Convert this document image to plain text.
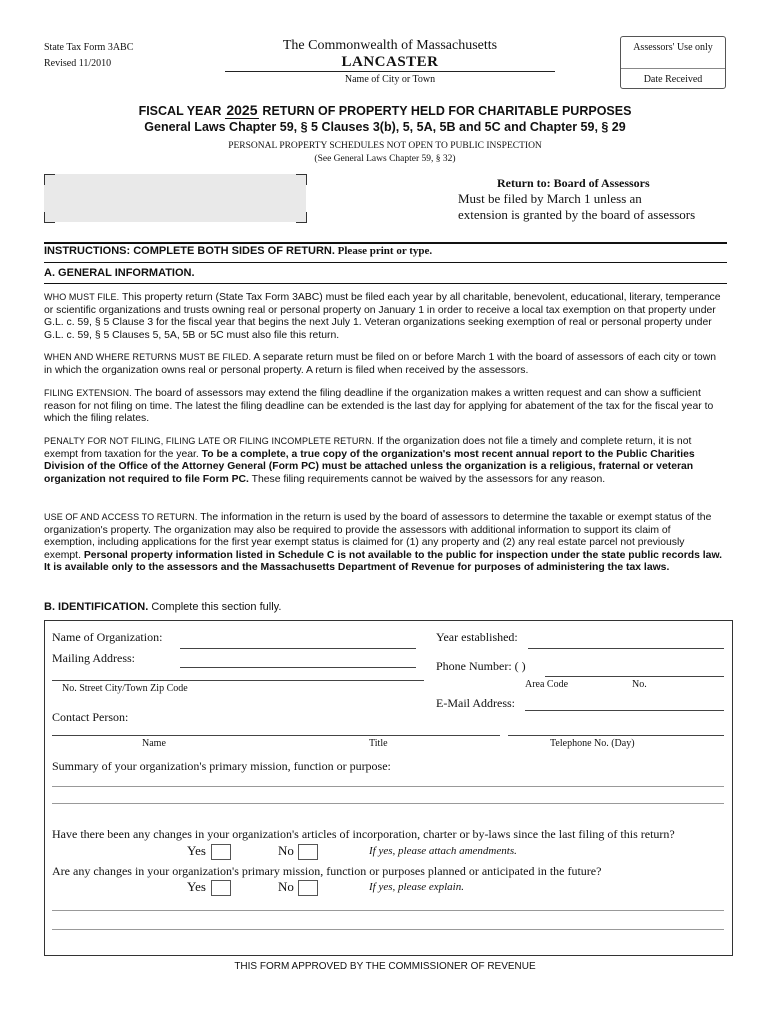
State Tax Form 3ABC
Revised 11/2010
The Commonwealth of Massachusetts
LANCASTER
Name of City or Town
Assessors' Use only
Date Received
FISCAL YEAR 2025 RETURN OF PROPERTY HELD FOR CHARITABLE PURPOSES
General Laws Chapter 59, § 5 Clauses 3(b), 5, 5A, 5B and 5C and Chapter 59, § 29
PERSONAL PROPERTY SCHEDULES NOT OPEN TO PUBLIC INSPECTION
(See General Laws Chapter 59, § 32)
Return to: Board of Assessors
Must be filed by March 1 unless an
extension is granted by the board of assessors
INSTRUCTIONS: COMPLETE BOTH SIDES OF RETURN. Please print or type.
A. GENERAL INFORMATION.

WHO MUST FILE. This property return (State Tax Form 3ABC) must be filed each year by all charitable, benevolent, educational, literary, temperance or scientific organizations and trusts owning real or personal property on January 1 in order to receive a local tax exemption on that property under G.L. c. 59, § 5 Clause 3 for the fiscal year that begins the next July 1. Veteran organizations seeking exemption of real or personal property under G.L. c. 59, § 5 Clauses 5, 5A, 5B or 5C must also file this return.

WHEN AND WHERE RETURNS MUST BE FILED. A separate return must be filed on or before March 1 with the board of assessors of each city or town in which the organization owns real or personal property. A return is filed when received by the assessors.

FILING EXTENSION. The board of assessors may extend the filing deadline if the organization makes a written request and can show a sufficient reason for not filing on time. The latest the filing deadline can be extended is the last day for applying for abatement of the tax for the fiscal year to which the filing relates.

PENALTY FOR NOT FILING, FILING LATE OR FILING INCOMPLETE RETURN. If the organization does not file a timely and complete return, it is not exempt from taxation for the year. To be a complete, a true copy of the organization's most recent annual report to the Public Charities Division of the Office of the Attorney General (Form PC) must be attached unless the organization is a religious, fraternal or veteran organization not required to file Form PC. These filing requirements cannot be waived by the assessors for any reason.

USE OF AND ACCESS TO RETURN. The information in the return is used by the board of assessors to determine the taxable or exempt status of the organization's property. The organization may also be required to provide the assessors with additional information to support its claim of exemption, including applications for the first year exempt status is claimed for (1) any property and (2) any real estate parcel not previously exempt. Personal property information listed in Schedule C is not available to the public for inspection under the state public records law. It is available only to the assessors and the Massachusetts Department of Revenue for purposes of administering the tax laws.

B. IDENTIFICATION. Complete this section fully.
Name of Organization:	Year established:
Mailing Address:
Phone Number: ( )
No. Street City/Town Zip Code	Area Code	No.
E-Mail Address:
Contact Person:
Name	Title	Telephone No. (Day)
Summary of your organization's primary mission, function or purpose:
Have there been any changes in your organization's articles of incorporation, charter or by-laws since the last filing of this return?
Yes	No	If yes, please attach amendments.
Are any changes in your organization's primary mission, function or purposes planned or anticipated in the future?
Yes	No	If yes, please explain.
THIS FORM APPROVED BY THE COMMISSIONER OF REVENUE
